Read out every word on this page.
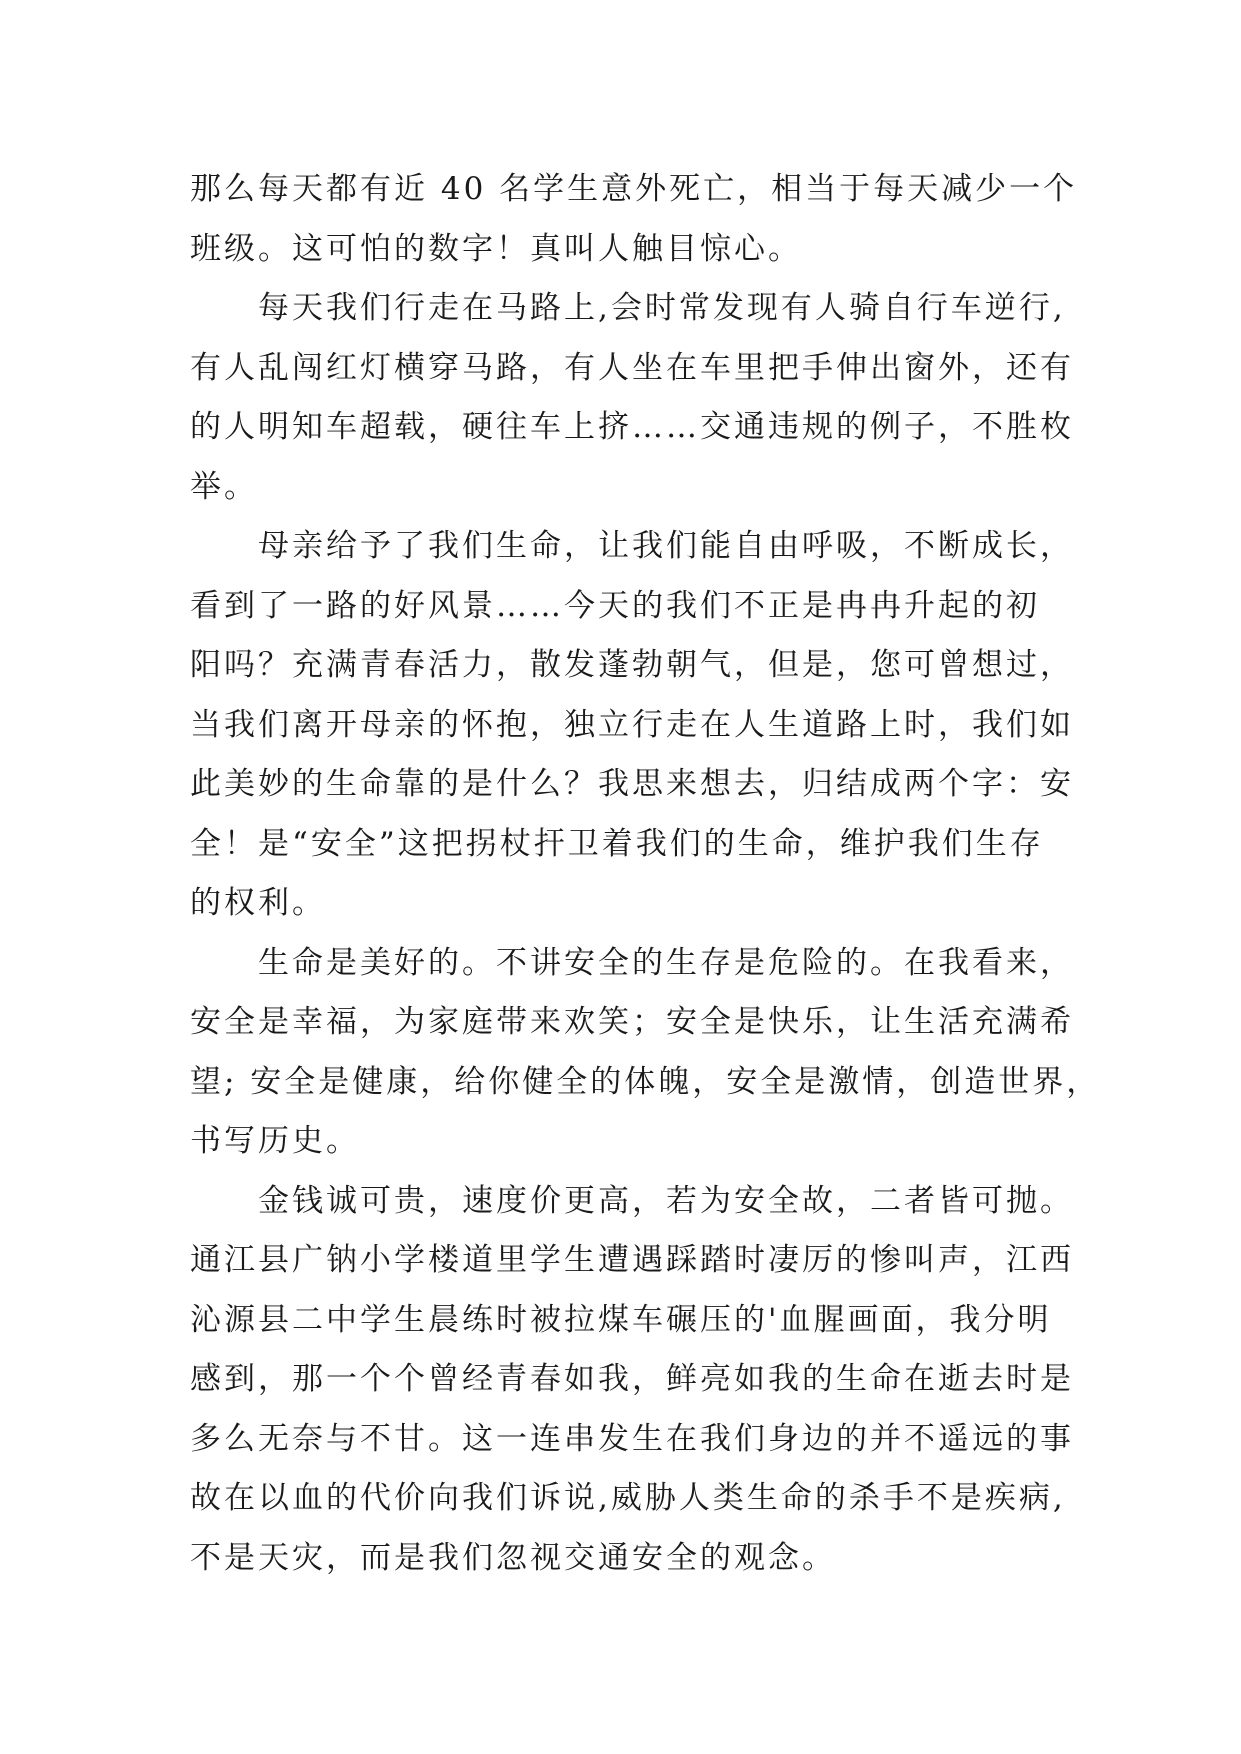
那么每天都有近 40 名学生意外死亡，相当于每天减少一个
班级。这可怕的数字！真叫人触目惊心。
每天我们行走在马路上,会时常发现有人骑自行车逆行,
有人乱闯红灯横穿马路，有人坐在车里把手伸出窗外，还有
的人明知车超载，硬往车上挤……交通违规的例子，不胜枚
举。
母亲给予了我们生命，让我们能自由呼吸，不断成长，
看到了一路的好风景……今天的我们不正是冉冉升起的初
阳吗？充满青春活力，散发蓬勃朝气，但是，您可曾想过，
当我们离开母亲的怀抱，独立行走在人生道路上时，我们如
此美妙的生命靠的是什么？我思来想去，归结成两个字：安
全！是“安全”这把拐杖扞卫着我们的生命，维护我们生存
的权利。
生命是美好的。不讲安全的生存是危险的。在我看来，
安全是幸福，为家庭带来欢笑；安全是快乐，让生活充满希
望; 安全是健康，给你健全的体魄，安全是激情，创造世界，
书写历史。
金钱诚可贵，速度价更高，若为安全故，二者皆可抛。
通江县广钠小学楼道里学生遭遇踩踏时凄厉的惨叫声，江西
沁源县二中学生晨练时被拉煤车碾压的'血腥画面，我分明
感到，那一个个曾经青春如我，鲜亮如我的生命在逝去时是
多么无奈与不甘。这一连串发生在我们身边的并不遥远的事
故在以血的代价向我们诉说,威胁人类生命的杀手不是疾病,
不是天灾，而是我们忽视交通安全的观念。
